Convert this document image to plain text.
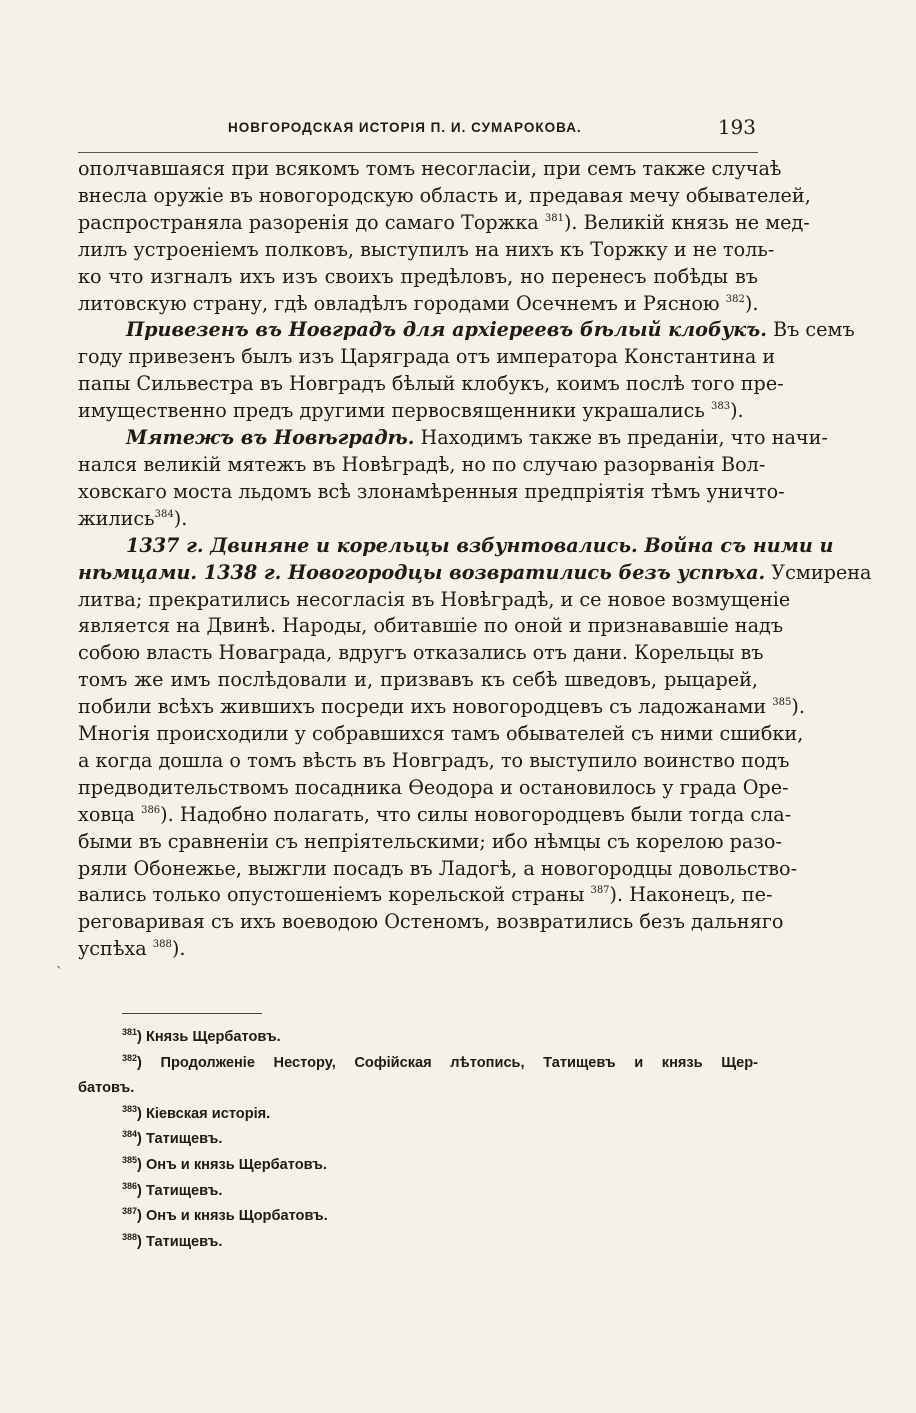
НОВГОРОДСКАЯ ИСТОРІЯ П. И. СУМАРОКОВА.	193

ополчавшаяся при всякомъ томъ несогласіи, при семъ также случаѣ
внесла оружіе въ новогородскую область и, предавая мечу обывателей,
распространяла разоренія до самаго Торжка $^{381}$). Великій князь не мед-
лилъ устроеніемъ полковъ, выступилъ на нихъ къ Торжку и не толь-
ко что изгналъ ихъ изъ своихъ предѣловъ, но перенесъ побѣды въ
литовскую страну, гдѣ овладѣлъ городами Осечнемъ и Рясною $^{382}$).

Привезенъ въ Новградъ для архіереевъ бѣлый клобукъ. Въ семъ
годy привезенъ былъ изъ Царяграда отъ императора Константина и
папы Сильвестра въ Новградъ бѣлый клобукъ, коимъ послѣ того пре-
имущественно предъ другими первосвященники украшались $^{383}$).

Мятежъ въ Новѣградѣ. Находимъ также въ преданіи, что начи-
нался великій мятежъ въ Новѣградѣ, но по случаю разорванія Вол-
ховскаго моста льдомъ всѣ злонамѣренныя предпріятія тѣмъ уничто-
жились$^{384}$).

1337 г. Двиняне и корельцы взбунтовались. Война съ ними и
нѣмцами. 1338 г. Новогородцы возвратились безъ успѣха. Усмирена
литва; прекратились несогласія въ Новѣградѣ, и се новое возмущеніе
является на Двинѣ. Народы, обитавшіе по оной и признававшіе надъ
собою власть Новаграда, вдругъ отказались отъ дани. Корельцы въ
томъ же имъ послѣдовали и, призвавъ къ себѣ шведовъ, рыцарей,
побили всѣхъ жившихъ посреди ихъ новогородцевъ съ ладожанами $^{385}$).
Многія происходили у собравшихся тамъ обывателей съ ними сшибки,
а когда дошла о томъ вѣсть въ Новградъ, то выступило воинство подъ
предводительствомъ посадника Ѳеодора и остановилось у града Оре-
ховца $^{386}$). Надобно полагать, что силы новогородцевъ были тогда сла-
быми въ сравненіи съ непріятельскими; ибо нѣмцы съ корелою разо-
ряли Обонежье, выжгли посадъ въ Ладогѣ, а новогородцы довольство-
вались только опустошеніемъ корельской страны $^{387}$). Наконецъ, пе-
реговаривая съ ихъ воеводою Остеномъ, возвратились безъ дальняго
успѣха $^{388}$).

`
$^{381}$) Князь Щербатовъ.
$^{382}$) Продолженіе Нестору, Софійская лѣтопись, Татищевъ и князь Щер-
батовъ.
$^{383}$) Кіевская исторія.
$^{384}$) Татищевъ.
$^{385}$) Онъ и князь Щербатовъ.
$^{386}$) Татищевъ.
$^{387}$) Онъ и князь Щорбатовъ.
$^{388}$) Татищевъ.
